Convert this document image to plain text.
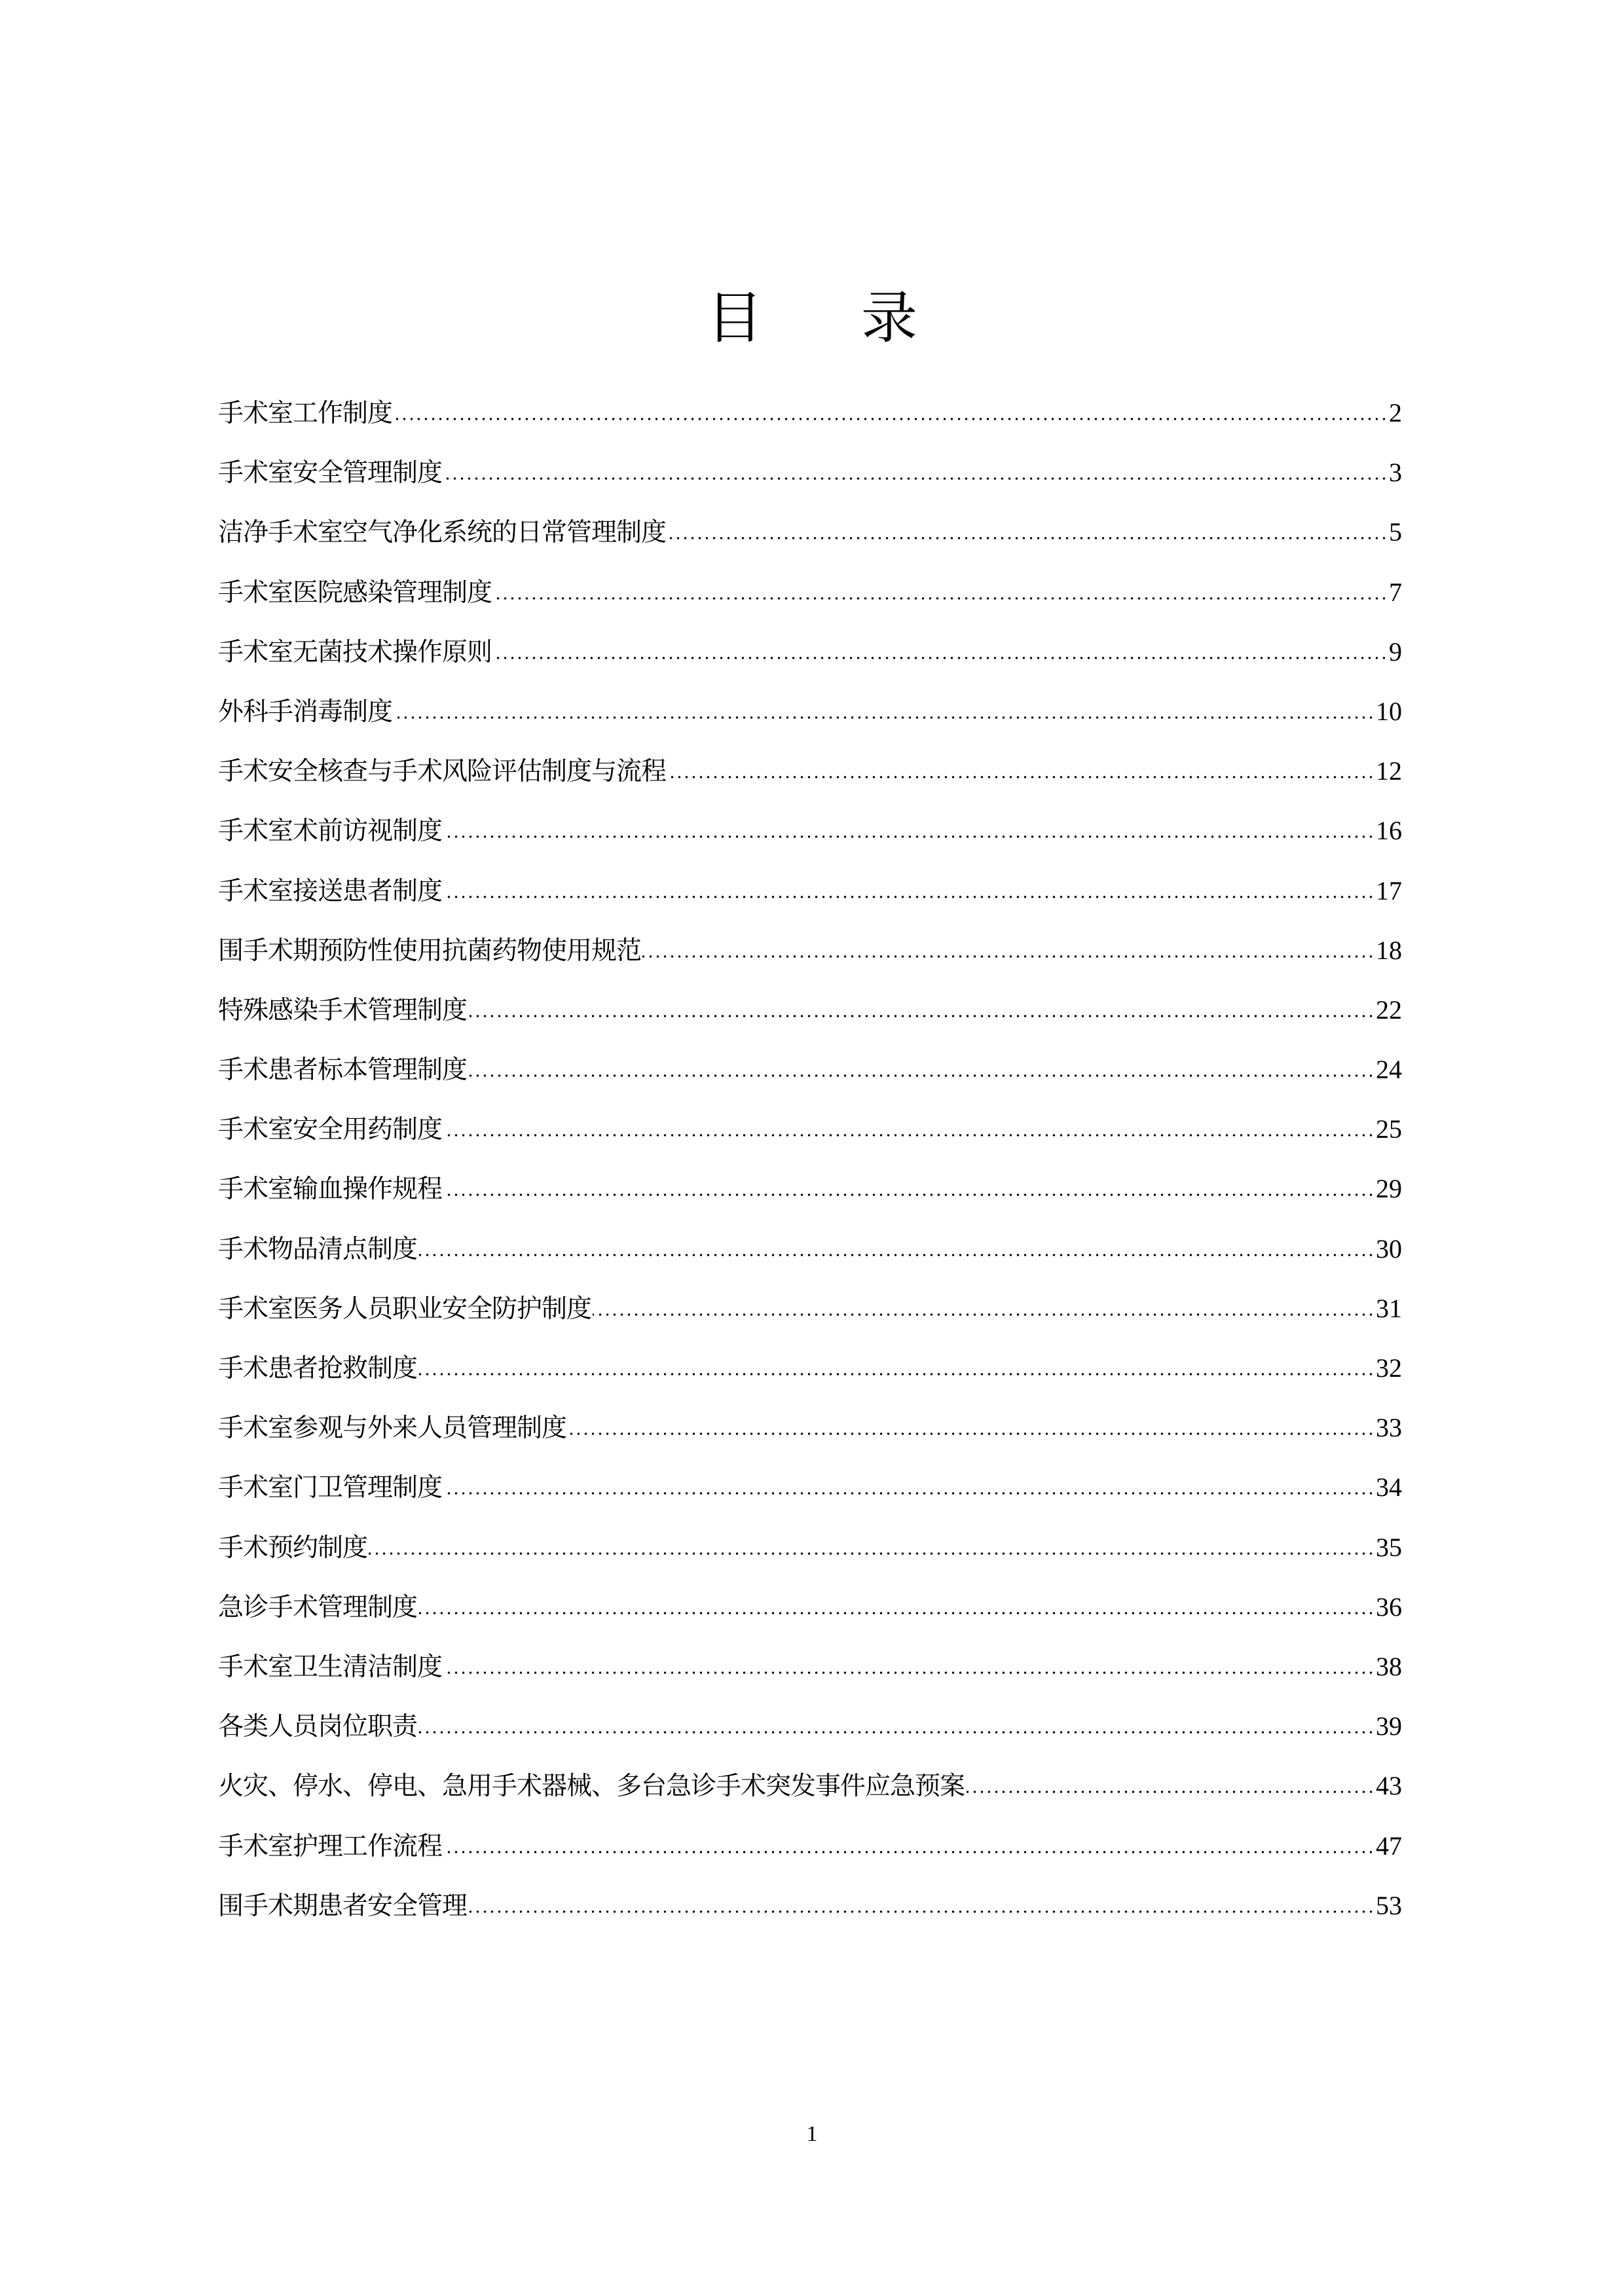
目录
手术室工作制度	2
手术室安全管理制度	3
洁净手术室空气净化系统的日常管理制度	5
手术室医院感染管理制度	7
手术室无菌技术操作原则	9
外科手消毒制度	10
手术安全核查与手术风险评估制度与流程	12
手术室术前访视制度	16
手术室接送患者制度	17
围手术期预防性使用抗菌药物使用规范	18
特殊感染手术管理制度	22
手术患者标本管理制度	24
手术室安全用药制度	25
手术室输血操作规程	29
手术物品清点制度	30
手术室医务人员职业安全防护制度	31
手术患者抢救制度	32
手术室参观与外来人员管理制度	33
手术室门卫管理制度	34
手术预约制度	35
急诊手术管理制度	36
手术室卫生清洁制度	38
各类人员岗位职责	39
火灾、停水、停电、急用手术器械、多台急诊手术突发事件应急预案	43
手术室护理工作流程	47
围手术期患者安全管理	53
1
